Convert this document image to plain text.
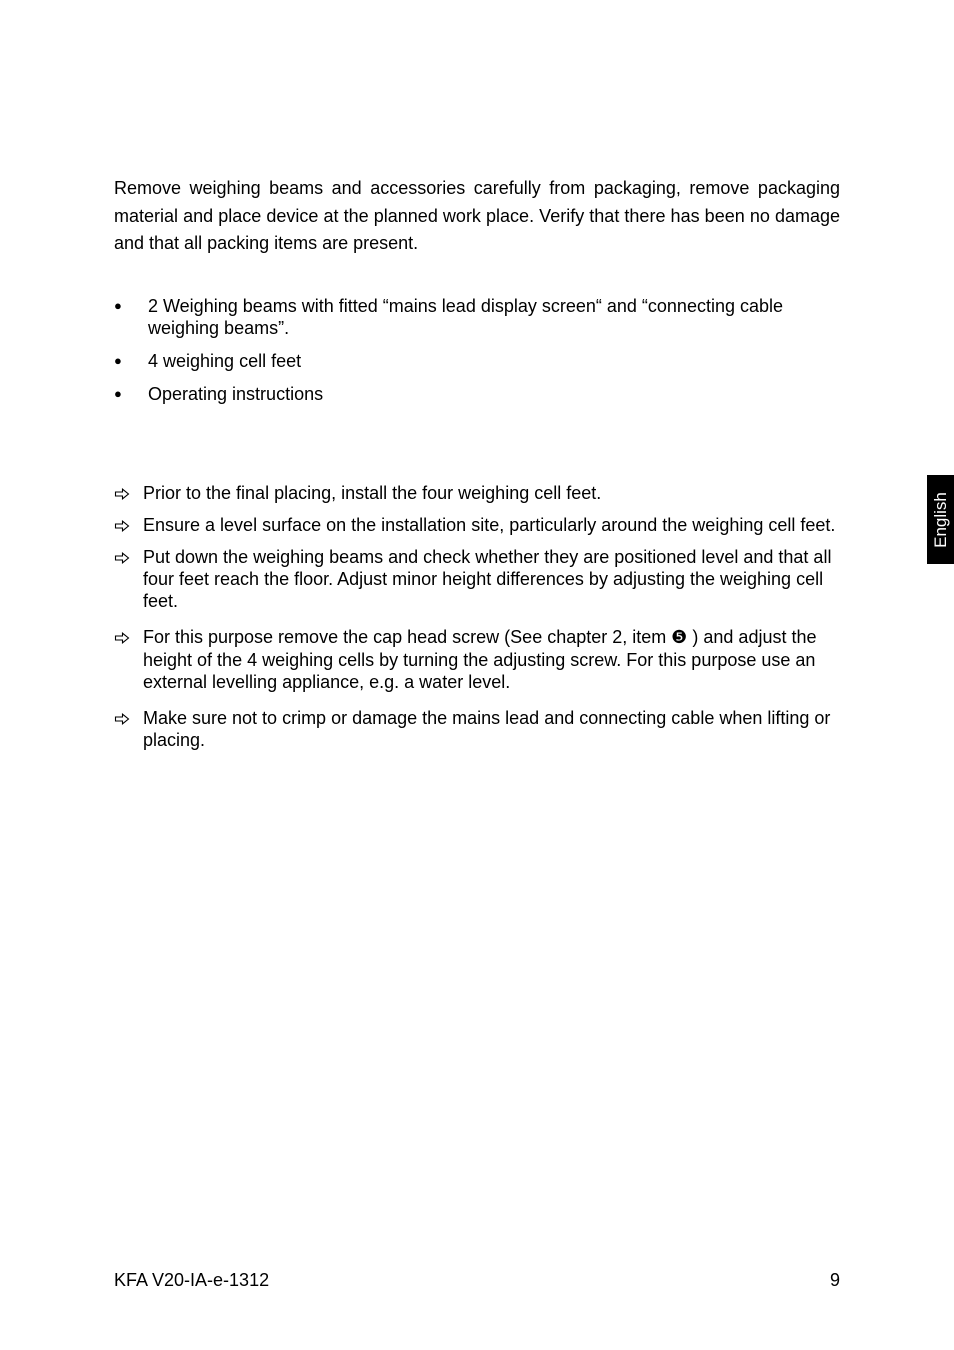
Remove weighing beams and accessories carefully from packaging, remove packaging material and place device at the planned work place. Verify that there has been no damage and that all packing items are present.

● 2 Weighing beams with fitted “mains lead display screen“ and “connecting cable weighing beams”.
● 4 weighing cell feet
● Operating instructions
Prior to the final placing, install the four weighing cell feet.
Ensure a level surface on the installation site, particularly around the weighing cell feet.
Put down the weighing beams and check whether they are positioned level and that all four feet reach the floor. Adjust minor height differences by adjusting the weighing cell feet.
For this purpose remove the cap head screw (See chapter 2, item ❺ ) and adjust the height of the 4 weighing cells by turning the adjusting screw. For this purpose use an external levelling appliance, e.g. a water level.
Make sure not to crimp or damage the mains lead and connecting cable when lifting or placing.
English
KFA V20-IA-e-1312	9
